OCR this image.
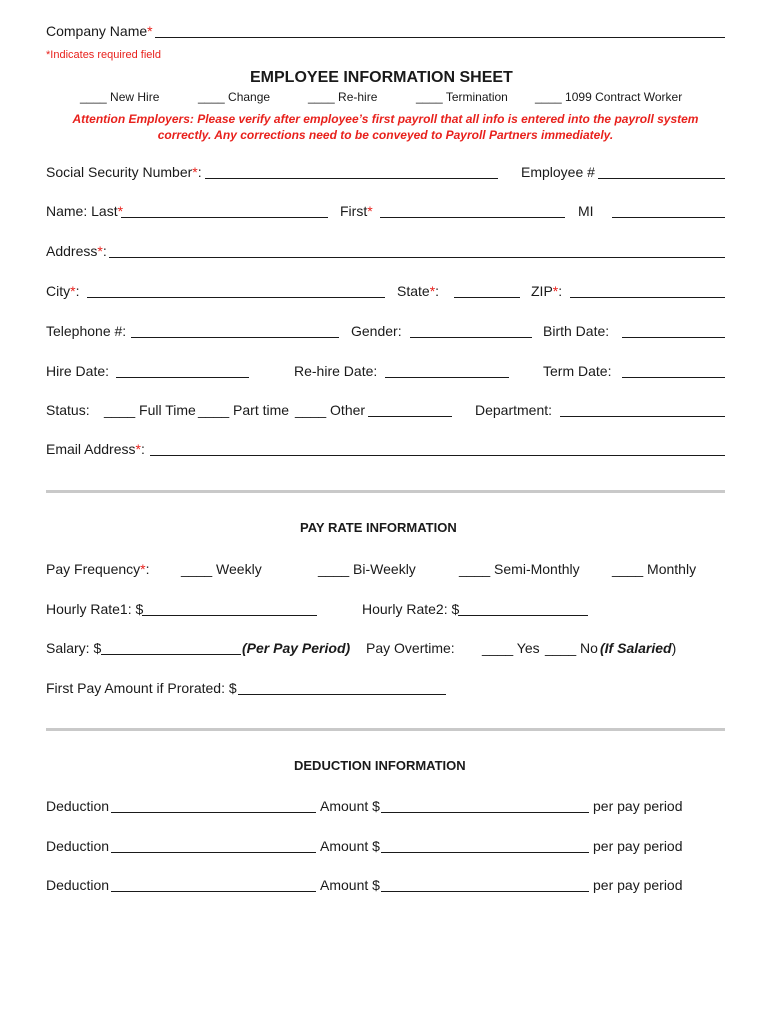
Company Name*
*Indicates required field
EMPLOYEE INFORMATION SHEET
____ New Hire	____ Change	____ Re-hire	____ Termination ____ 1099 Contract Worker
Attention Employers: Please verify after employee’s first payroll that all info is entered into the payroll system
correctly. Any corrections need to be conveyed to Payroll Partners immediately.
Social Security Number*:	Employee #
Name: Last*	First*	MI
Address*:
City*:	State*:	ZIP*:
Telephone #:	Gender:	Birth Date:
Hire Date:	Re-hire Date:	Term Date:
Status: ____ Full Time ____ Part time ____ Other	Department:
Email Address*:
PAY RATE INFORMATION
Pay Frequency*: ____ Weekly	____ Bi-Weekly	____ Semi-Monthly ____ Monthly
Hourly Rate1: $	Hourly Rate2: $
Salary: $	(Per Pay Period) Pay Overtime: ____ Yes ____ No (If Salaried)
First Pay Amount if Prorated: $
DEDUCTION INFORMATION
Deduction	Amount $	per pay period
Deduction	Amount $	per pay period
Deduction	Amount $	per pay period
